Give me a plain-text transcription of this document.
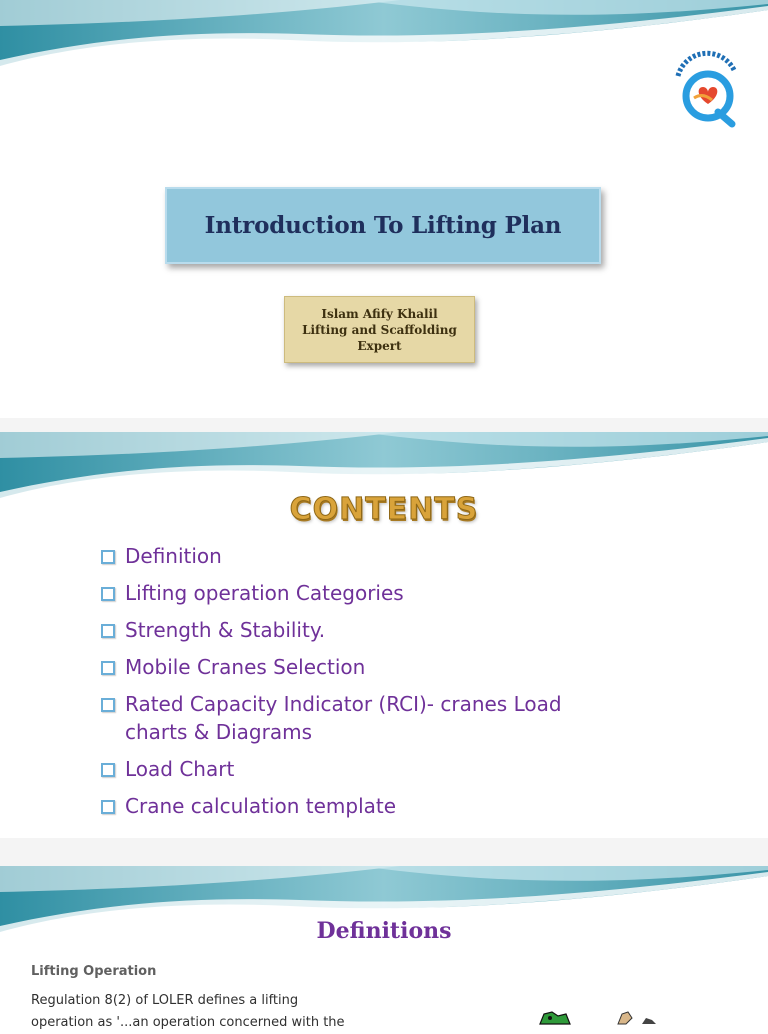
Introduction To Lifting Plan
Islam Afify Khalil
Lifting and Scaffolding
Expert
CONTENTS
Definition
Lifting operation Categories
Strength & Stability.
Mobile Cranes Selection
Rated Capacity Indicator (RCI)- cranes Load charts & Diagrams
Load Chart
Crane calculation template
Definitions
Lifting Operation
Regulation 8(2) of LOLER defines a lifting
operation as '...an operation concerned with the
